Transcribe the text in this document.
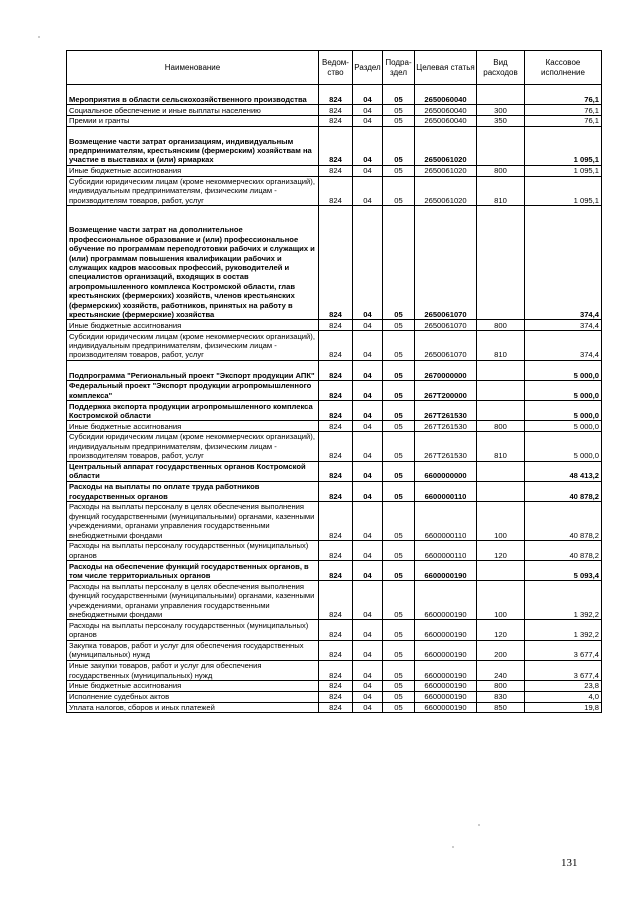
Наименование	Ведом-ство	Раздел	Подра-здел	Целевая статья	Вид расходов	Кассовое исполнение
Мероприятия в области сельскохозяйственного производства	824	04	05	2650060040		76,1
Социальное обеспечение и иные выплаты населению	824	04	05	2650060040	300	76,1
Премии и гранты	824	04	05	2650060040	350	76,1
Возмещение части затрат организациям, индивидуальным предпринимателям, крестьянским (фермерским) хозяйствам на участие в выставках и (или) ярмарках	824	04	05	2650061020		1 095,1
Иные бюджетные ассигнования	824	04	05	2650061020	800	1 095,1
Субсидии юридическим лицам (кроме некоммерческих организаций), индивидуальным предпринимателям, физическим лицам - производителям товаров, работ, услуг	824	04	05	2650061020	810	1 095,1
Возмещение части затрат на дополнительное профессиональное образование и (или) профессиональное обучение по программам переподготовки рабочих и служащих и (или) программам повышения квалификации рабочих и служащих кадров массовых профессий, руководителей и специалистов организаций, входящих в состав агропромышленного комплекса Костромской области, глав крестьянских (фермерских) хозяйств, членов крестьянских (фермерских) хозяйств, работников, принятых на работу в крестьянские (фермерские) хозяйства	824	04	05	2650061070		374,4
Иные бюджетные ассигнования	824	04	05	2650061070	800	374,4
Субсидии юридическим лицам (кроме некоммерческих организаций), индивидуальным предпринимателям, физическим лицам - производителям товаров, работ, услуг	824	04	05	2650061070	810	374,4
Подпрограмма "Региональный проект "Экспорт продукции АПК"	824	04	05	2670000000		5 000,0
Федеральный проект "Экспорт продукции агропромышленного комплекса"	824	04	05	267T200000		5 000,0
Поддержка экспорта продукции агропромышленного комплекса Костромской области	824	04	05	267T261530		5 000,0
Иные бюджетные ассигнования	824	04	05	267T261530	800	5 000,0
Субсидии юридическим лицам (кроме некоммерческих организаций), индивидуальным предпринимателям, физическим лицам - производителям товаров, работ, услуг	824	04	05	267T261530	810	5 000,0
Центральный аппарат государственных органов Костромской области	824	04	05	6600000000		48 413,2
Расходы на выплаты по оплате труда работников государственных органов	824	04	05	6600000110		40 878,2
Расходы на выплаты персоналу в целях обеспечения выполнения функций государственными (муниципальными) органами, казенными учреждениями, органами управления государственными внебюджетными фондами	824	04	05	6600000110	100	40 878,2
Расходы на выплаты персоналу государственных (муниципальных) органов	824	04	05	6600000110	120	40 878,2
Расходы на обеспечение функций государственных органов, в том числе территориальных органов	824	04	05	6600000190		5 093,4
Расходы на выплаты персоналу в целях обеспечения выполнения функций государственными (муниципальными) органами, казенными учреждениями, органами управления государственными внебюджетными фондами	824	04	05	6600000190	100	1 392,2
Расходы на выплаты персоналу государственных (муниципальных) органов	824	04	05	6600000190	120	1 392,2
Закупка товаров, работ и услуг для обеспечения государственных (муниципальных) нужд	824	04	05	6600000190	200	3 677,4
Иные закупки товаров, работ и услуг для обеспечения государственных (муниципальных) нужд	824	04	05	6600000190	240	3 677,4
Иные бюджетные ассигнования	824	04	05	6600000190	800	23,8
Исполнение судебных актов	824	04	05	6600000190	830	4,0
Уплата налогов, сборов и иных платежей	824	04	05	6600000190	850	19,8
131
